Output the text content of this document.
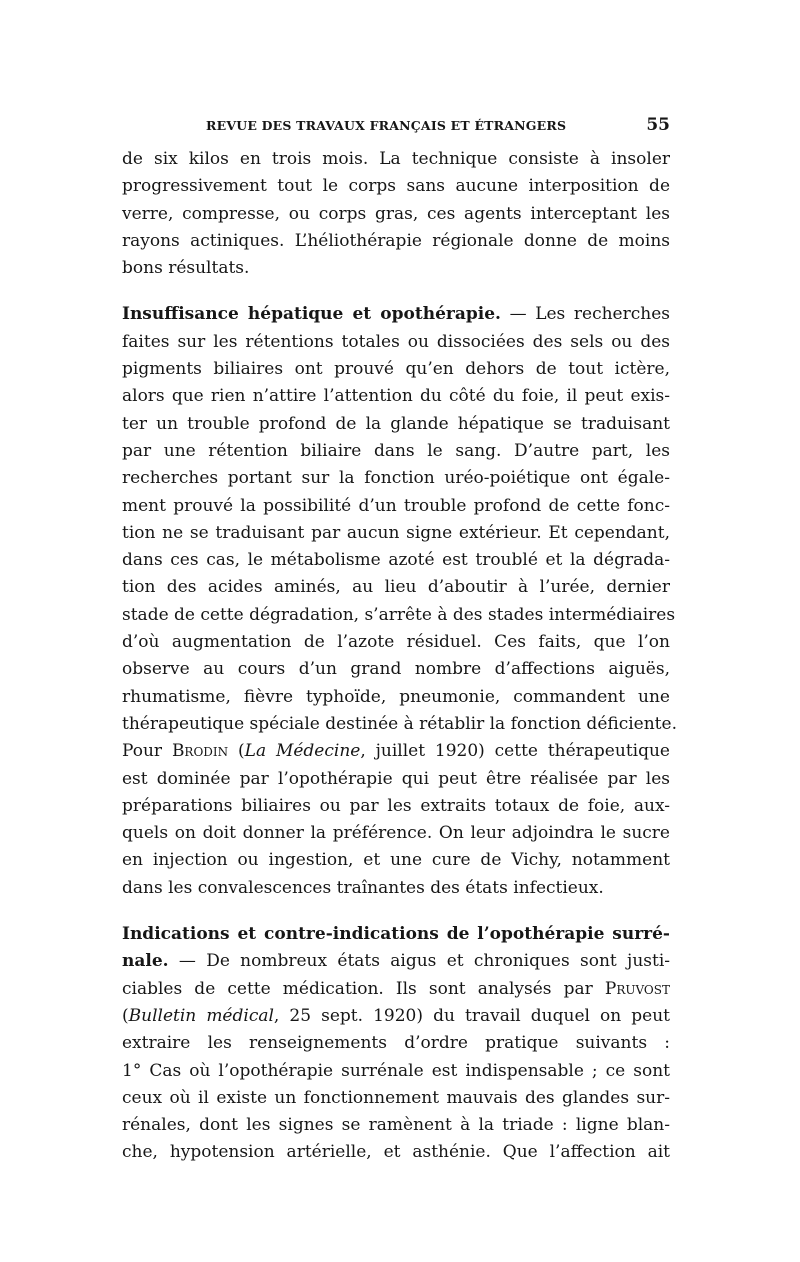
REVUE DES TRAVAUX FRANÇAIS ET ÉTRANGERS	55
de six kilos en trois mois. La technique consiste à insoler
progressivement tout le corps sans aucune interposition de
verre, compresse, ou corps gras, ces agents interceptant les
rayons actiniques. L’héliothérapie régionale donne de moins
bons résultats.
Insuffisance hépatique et opothérapie. — Les recherches
faites sur les rétentions totales ou dissociées des sels ou des
pigments biliaires ont prouvé qu’en dehors de tout ictère,
alors que rien n’attire l’attention du côté du foie, il peut exis-
ter un trouble profond de la glande hépatique se traduisant
par une rétention biliaire dans le sang. D’autre part, les
recherches portant sur la fonction uréo-poiétique ont égale-
ment prouvé la possibilité d’un trouble profond de cette fonc-
tion ne se traduisant par aucun signe extérieur. Et cependant,
dans ces cas, le métabolisme azoté est troublé et la dégrada-
tion des acides aminés, au lieu d’aboutir à l’urée, dernier
stade de cette dégradation, s’arrête à des stades intermédiaires
d’où augmentation de l’azote résiduel. Ces faits, que l’on
observe au cours d’un grand nombre d’affections aiguës,
rhumatisme, fièvre typhoïde, pneumonie, commandent une
thérapeutique spéciale destinée à rétablir la fonction déficiente.
Pour Brodin (La Médecine, juillet 1920) cette thérapeutique
est dominée par l’opothérapie qui peut être réalisée par les
préparations biliaires ou par les extraits totaux de foie, aux-
quels on doit donner la préférence. On leur adjoindra le sucre
en injection ou ingestion, et une cure de Vichy, notamment
dans les convalescences traînantes des états infectieux.
Indications et contre-indications de l’opothérapie surré-
nale. — De nombreux états aigus et chroniques sont justi-
ciables de cette médication. Ils sont analysés par Pruvost
(Bulletin médical, 25 sept. 1920) du travail duquel on peut
extraire les renseignements d’ordre pratique suivants :
1° Cas où l’opothérapie surrénale est indispensable ; ce sont
ceux où il existe un fonctionnement mauvais des glandes sur-
rénales, dont les signes se ramènent à la triade : ligne blan-
che, hypotension artérielle, et asthénie. Que l’affection ait
